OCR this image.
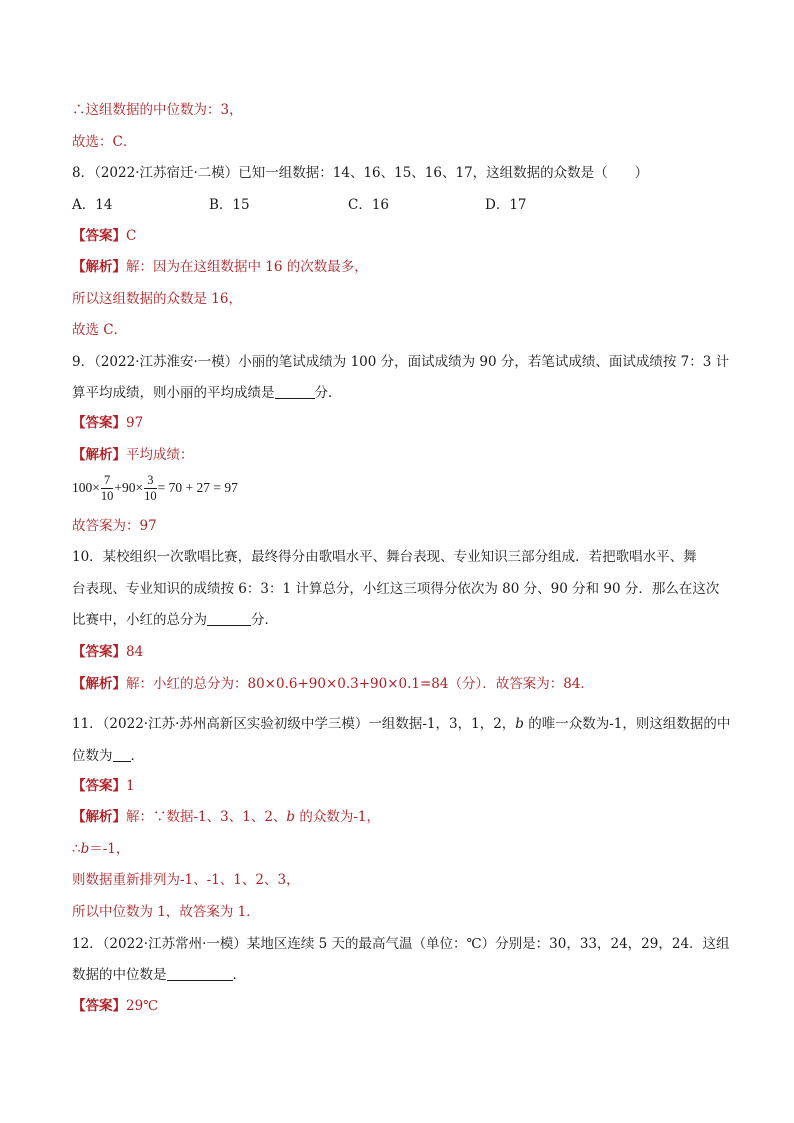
∴这组数据的中位数为：3，
故选：C．
8．（2022·江苏宿迁·二模）已知一组数据：14、16、15、16、17，这组数据的众数是（　　）
A．14	B．15	C．16	D．17
【答案】C
【解析】解：因为在这组数据中 16 的次数最多，
所以这组数据的众数是 16，
故选 C．
9．（2022·江苏淮安·一模）小丽的笔试成绩为 100 分，面试成绩为 90 分，若笔试成绩、面试成绩按 7：3 计
算平均成绩，则小丽的平均成绩是	分．
【答案】97
【解析】平均成绩：
$100\times \frac{7}{10} +90\times \frac{3}{10} = 70 + 27 = 97$
故答案为：97
10．某校组织一次歌唱比赛，最终得分由歌唱水平、舞台表现、专业知识三部分组成．若把歌唱水平、舞
台表现、专业知识的成绩按 6：3：1 计算总分，小红这三项得分依次为 80 分、90 分和 90 分．那么在这次
比赛中，小红的总分为	分．
【答案】84
【解析】解：小红的总分为：80×0.6+90×0.3+90×0.1=84（分）．故答案为：84．
11．（2022·江苏·苏州高新区实验初级中学三模）一组数据-1，3，1，2，b 的唯一众数为-1，则这组数据的中
位数为 ．
【答案】1
【解析】解：∵数据-1、3、1、2、b 的众数为-1，
∴b＝-1，
则数据重新排列为-1、-1、1、2、3，
所以中位数为 1，故答案为 1．
12．（2022·江苏常州·一模）某地区连续 5 天的最高气温（单位：℃）分别是：30，33，24，29，24．这组
数据的中位数是	．
【答案】29℃
